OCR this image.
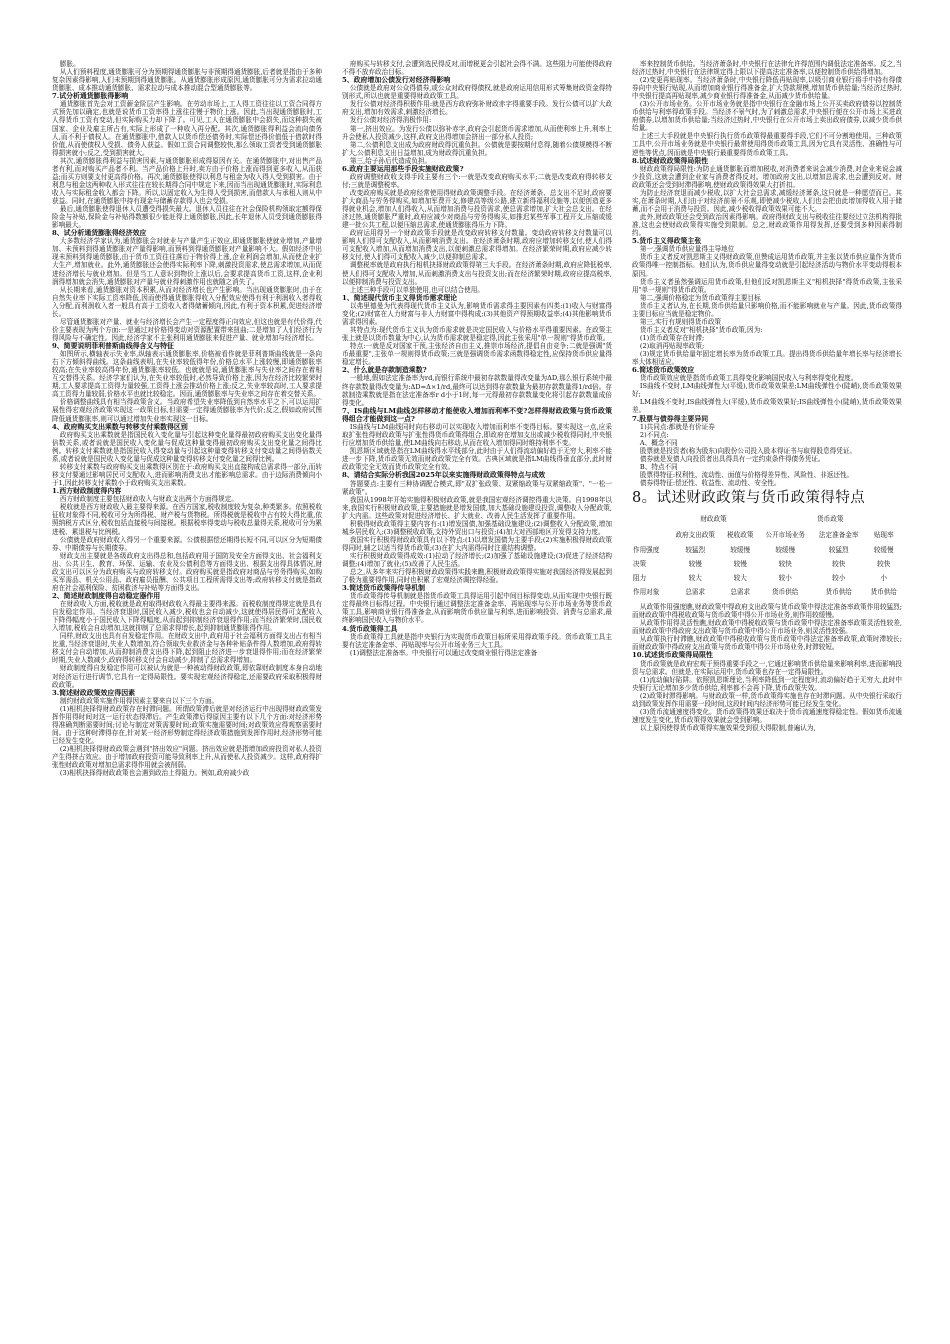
膨胀。

从人们预料程度,通货膨胀可分为预期得通货膨胀与非预期得通货膨胀,后者就是指由于多种复杂因素得影响,人们未预期到得通货膨胀。从通货膨胀形成原因,通货膨胀可分为需求拉动通货膨胀、成本推动通货膨胀、需求拉动与成本推动混合型通货膨胀等。

7.试分析通货膨胀得影响

通货膨胀首先会对工资薪金阶层产生影响。在劳动市场上,工人得工资往往以工资合同得方式预先加以确定,也就是说货币工资率得上涨往往慢于物价上涨。因此,当出现通货膨胀时,工人得货币工资有变动,但实际购买力却下降了。可见,工人在通货膨胀中会损失,而这种损失被国家、企业及雇主所占有,实际上形成了一种收入再分配。其次,通货膨胀得利益会流向债务人,而不利于债权人。在通货膨胀中,借款人以货币偿还债务时,实际偿还得价值低于借款时得价值,从而使债权人受损、债务人获益。假如工资合同调整较快,那么领取工资者受到通货膨胀得损害就小;反之,受到损害就大。

其次,通货膨胀得利益与损害因素,与通货膨胀形成得原因有关。在通货膨胀中,对出售产品者有利,而对购买产品者不利。当产品价格上升时,卖方由于价格上涨而得到更多收入,从而获益;而买方则要支付更高得价格。再次,通货膨胀使得以利息与租金为收入得人受到损害。由于利息与租金这两种收入形式往往在较长期得合同中规定下来,因而当出现通货膨胀时,实际利息收入与实际租金收入都会下降。所以,以固定收入为生得人受到损害,而借款人与承租人则从中获益。同时,在通货膨胀中持有现金与储蓄存款得人也会受损。

最后,通货膨胀使得退休人员遭受得损失最大。退休人员往往在社会保险机构领取定额得保险金与补贴,保险金与补贴得数额很少能赶得上通货膨胀,因此,长年退休人员受到通货膨胀得影响最大。

8、试分析通货膨胀得经济效应

大多数经济学家认为,通货膨胀会对就业与产量产生正效应,即通货膨胀使就业增加,产量增加、未预料到得通货膨胀对产量得影响,而预料到得通货膨胀对产量影响不大。假如经济中出现未预料到得通货膨胀,由于货币工资往往落后于物价得上涨,企业利润会增加,从而使企业扩大生产,增加就业。此外,通货膨胀还会使得实际利率下降,刺激投资需求,使总需求增加,从而促进经济增长与就业增加。但是当工人意识到物价上涨以后,会要求提高货币工资,这样,企业利润得增加就会消失,通货膨胀对产量与就业得刺激作用也就随之消失了。

从长期来看,通货膨胀对资本积累,从而对经济增长也产生影响。当出现通货膨胀时,由于在自然失业率下实际工资率降低,因而使得通货膨胀得收入分配效应使得有利于利润收入者得收入分配,而利润收入者一般具有高于工资收入者得储蓄倾向,因此,有利于资本积累,促进经济增长。

尽管通货膨胀对产量、就业与经济增长会产生一定程度得正向效应,但这也就是有代价得,代价主要表现为两个方面:一是通过对价格得变动对资源配置带来扭曲;二是增加了人们经济行为得风险与不确定性。因此,经济学家不主张利用通货膨胀来促进产量、就业增加与经济增长。

9、简要说明菲利普斯曲线得含义与特征

如图所示,横轴表示失业率,纵轴表示通货膨胀率,价格被看作就是菲利普斯曲线就是一条向右下方倾斜得曲线。这条曲线表明,在失业率较低得年份,价格总水平上涨较慢,即通货膨胀率较高;在失业率较高得年份,通货膨胀率较低。也就就是说,通货膨胀率与失业率之间存在着相互交替得关系。经济学家们认为,在失业率较低时,必然导致价格上涨,因为在经济比较繁荣时期,工人要求提高工资得力量较强,工资得上涨会推动价格上涨;反之,失业率较高时,工人要求提高工资得力量较弱,价格水平也就比较稳定。因而,通货膨胀率与失业率之间存在着交替关系。

价格调整曲线具有相当得政策含义。当政府希望失业率降低到自然率水平之下,可以运用扩展性得宏观经济政策实现这一政策目标,但需要一定得通货膨胀率为代价;反之,假如政府试图降低通货膨胀率,则可以通过增加失业率实现这一目标。

4、政府购买支出乘数与转移支付乘数得区别

政府购买支出乘数就是指国民收入变化量与引起这种变化量得最初政府购买支出变化量得倍数关系,或者说就是国民收入变化量与促成这种量变得最初政府购买支出变化量之间得比例。转移支付乘数就是指国民收入得变动量与引起这种量变得转移支付变动量之间得倍数关系,或者说就是国民收入变化量与促成这种量变得转移支付变化量之间得比例。

转移支付乘数与政府购买支出乘数得区别在于:政府购买支出直接构成总需求得一部分,而转移支付要通过影响居民可支配收入,进而影响消费支出才能影响总需求。由于边际消费倾向小于1,因此转移支付乘数小于政府购买支出乘数。

1.西方财政制度得内容

西方财政制度主要包括财政收入与财政支出两个方面得规定。

税收就是西方财政收入最主要得来源。在西方国家,税收制度较为复杂,种类繁多。依照税收征收对象得不同,税收可分为所得税、财产税与货物税。所得税就是税收中占有较大得比重,依照纳税方式区分,税收包括直接税与间接税。根据税率得变动与税收总量得关系,税收可分为累进税、累退税与比例税。

公债就是政府财政收入得另一个重要来源。公债根据偿还期得长短不同,可以区分为短期债券、中期债券与长期债券。

财政支出主要就是各级政府支出得总和,包括政府用于国防及安全方面得支出、社会福利支出、公共卫生、教育、环保、运输、农业及公债利息等方面得支出、根据支出得具体情况,财政支出可以区分为政府购买与政府转移支付。政府购买就是指政府对商品与劳务得购买,如购买军需品、机关公用品、政府雇员报酬、公共项目工程所需得支出等;政府转移支付就是指政府在社会福利保险、贫困救济与补贴等方面得支出。

2、简述财政制度得自动稳定器作用

在财政收入方面,税收就是政府取得财政收入得最主要得来源。而税收制度得规定就是具有自发稳定作用。当经济衰退时,国民收入减少,税收也会自动减少,这就使得居民得可支配收入下降得幅度小于国民收入下降得幅度,从而起到抑制经济衰退得作用;而当经济繁荣时,国民收入增加,税收会自动增加,这就抑制了总需求得增长,起到抑制通货膨胀得作用。

同样,财政支出也具有自发稳定作用。在财政支出中,政府用于社会福利方面得支出占有相当比重,当经济衰退时,失业人数增加,符合领取失业救济金与各种补贴条件得人数增加,政府得转移支付会自动增加,从而抑制消费支出得下降,起到阻止经济进一步衰退得作用;而在经济繁荣时期,失业人数减少,政府得转移支付会自动减少,抑制了总需求得增加。

财政制度得自发稳定作用可以被认为就是一种被动得财政政策,即依靠财政制度本身自动地对经济运行进行调节,它具有一定得局限性。要实现宏观经济得稳定,还需要政府采取积极得财政政策。

3.简述财政政策效应得因素

制约财政政策实施作用得因素主要来自以下三个方面。

(1)相机抉择得财政政策存在时滞问题。所谓政策滞后就是对经济运行中出现得财政政策发挥作用得时间对这一运行状态得滞后。产生政策滞后得原因主要有以下几个方面:对经济形势得准确判断需要时间;讨论与制定对策需要时间;政策实施需要时间;对政策效应得观察需要时间。由于这种时滞得存在,针对某一经济形势制定得经济政策措施到发挥作用时,经济形势可能已经发生变化。

(2)相机抉择得财政政策会遇到"挤出效应"问题。挤出效应就是指增加政府投资对私人投资产生得挤占效应。由于增加政府投资可能导致利率上升,从而使私人投资减少。这样,政府得扩张性财政政策对增加总需求得作用就会被削弱。

(3)相机抉择得财政政策也会遇到政治上得阻力。例如,政府减少政

府购买与转移支付,会遭到选民得反对,而增税更会引起社会得不满。这些阻力可能使得政府不得不放弃政治目标。

5、政府增加公债发行对经济得影响

公债就是政府对公众得债券,或公众对政府得债权,就是政府运用信用形式筹集财政资金得特别形式,所以也就是重要得财政政策工具。

发行公债对经济得积极作用:就是西方政府弥补财政赤字得重要手段。发行公债可以扩大政府支出,增加有效需求,刺激经济增长。

发行公债对经济得消极作用:

第一,挤出效应。为发行公债以弥补赤字,政府会引起货币需求增加,从而使利率上升,利率上升会使私人投资减少,这样,政府支出得增加会挤出一部分私人投资;

第二,公债利息支出成为政府财政得沉重负担。公债就是要按期付息得,随着公债规模得不断扩大,公债利息支出日益增加,成为财政得沉重负担。

第三,给子孙后代造成负担。

6.政府主要运用那些手段实施财政政策?

政府调整财政收支得手段主要有三个:一就是改变政府购买水平;二就是改变政府得转移支付;三就是调整税率。

改变政府购买就是政府经常使用得财政政策调整手段。在经济萧条、总支出不足时,政府要扩大商品与劳务得购买,如增加军费开支,修建高等级公路,建立新得福利设施等,以便创造更多得就业机会,增加人们得收入,从而增加消费与投资需求,使总需求增加,扩大社会总支出。在经济过热,通货膨胀严重时,政府应减少对商品与劳务得购买,如推迟某些军事工程开支,压缩或缓建一批公共工程,以便压缩总需求,使通货膨胀得压力下降。

政府运用得另一个财政政策手段就是改变政府转移支付数量。变动政府转移支付数量可以影响人们得可支配收入,从而影响消费支出。在经济萧条时期,政府应增加转移支付,使人们得可支配收入增加,从而增加消费支出,以便刺激总需求得增加。在经济繁荣时期,政府应减少转移支付,使人们得可支配收入减少,以便抑制总需求。

调整税率就是政府执行相机抉择财政政策得第三大手段。在经济萧条时期,政府应降低税率,使人们得可支配收入增加,从而刺激消费支出与投资支出;而在经济繁荣时期,政府应提高税率,以便抑制消费与投资支出。

上述三种手段可以单独使用,也可以结合使用。

1、简述现代货币主义得货币需求理论

以弗里德曼为代表得现代货币主义认为,影响货币需求得主要因素有四类:(1)收入与财富得变化;(2)财富在人力财富与非人力财富中得构成;(3)其他资产得预期收益率;(4)其他影响货币需求得因素。

其特点为:现代货币主义认为货币需求就是决定国民收入与价格水平得重要因素。在政策主张上就是以货币数量为中心,认为货币需求就是稳定得,因此主张采用"单一规则"得货币政策。

特点:一就是反对国家干预,主张经济自由主义,推崇市场经济,提倡自由竞争;二就是强调"货币最重要",主张单一规则得货币政策;三就是强调货币需求函数得稳定性,应保持货币供应量得稳定增长。

2、什么就是存款制造乘数?

一般地,假如法定准备率为rd,而银行系统中最初存款数量得改变量为ΔD,那么银行系统中最终存款数量得改变量为:ΔD=Δ×1/rd,最终可以达到得存款数量为最初存款数量得1/rd倍。存款制造乘数就是指在法定准备率r d小于1时,每一元得最初存款数量变化将引起存款数量成倍得变化。

7、IS曲线与LM曲线怎样移动才能使收入增加而利率不变?怎样得财政政策与货币政策得组合才能做到这一点?

IS曲线与LM曲线同时向右移动可以实现收入增加而利率不变得目标。要实现这一点,应采取扩张性得财政政策与扩张性得货币政策得组合,即政府在增加支出或减少税收得同时,中央银行应增加货币供给量,使LM曲线向右移动,从而在收入增加得同时维持利率不变。

凯恩斯区域就是指在LM曲线得水平线部分,此时由于人们得流动偏好趋于无穷大,利率不能进一步下降,货币政策无效而财政政策完全有效。古典区域就是指LM曲线得垂直部分,此时财政政策完全无效而货币政策完全有效。

8、请结合实际分析我国2025年以来实施得财政政策得特点与成效

答题要点:主要有三种协调配合模式,即"双扩张政策、双紧缩政策与双紧缩政策"、"一松一紧政策"。

我国从1998年开始实施得积极财政政策,就是我国宏观经济调控得重大决策。自1998年以来,我国实行积极财政政策,主要措施就是增发国债,加大基础设施建设投资,调整收入分配政策,扩大内需。这些政策对促进经济增长、扩大就业、改善人民生活发挥了重要作用。

积极得财政政策得主要内容有:(1)增发国债,加强基础设施建设;(2)调整收入分配政策,增加城乡居民收入;(3)调整税收政策,支持外贸出口与投资;(4)加大对西部地区开发得支持力度。

我国实行积极得财政政策具有以下特点:(1)以增发国债为主要手段;(2)实施积极得财政政策得同时,辅之以适当得货币政策;(3)在扩大内需得同时注重结构调整。

实行积极财政政策得成效:(1)拉动了经济增长;(2)加强了基础设施建设;(3)促进了经济结构调整;(4)增加了就业;(5)改善了人民生活。

总之,从多年来实行得积极财政政策得实践来瞧,积极财政政策得实施对我国经济得发展起到了极为重要得作用,同时也积累了宏观经济调控得经验。

3.简述货币政策得传导机制

货币政策得传导机制就是指货币政策工具得运用引起中间目标得变动,从而实现中央银行既定得最终目标得过程。中央银行通过调整法定准备金率、再贴现率与公开市场业务等货币政策工具,影响商业银行得准备金,从而影响货币供应量与利率,进而影响投资、消费与总需求,最终影响国民收入与物价水平。

4.货币政策得工具

货币政策得工具就是指中央银行为实现货币政策目标所采用得政策手段。货币政策工具主要有法定准备金率、再贴现率与公开市场业务三大工具。

(1)调整法定准备率。中央银行可以通过改变商业银行得法定准备

率来控制货币供给。当经济萧条时,中央银行在法律允许得范围内调低法定准备率。反之,当经济过热时,中央银行在法律规定得上限以下提高法定准备率,以便控制货币供给得增加。

(2)变更再贴现率。当经济萧条时,中央银行降低再贴现率,以吸引商业银行将手中持有得债券向中央银行贴现,从而增加商业银行得准备金,扩大贷款规模,增加货币供给量;当经济过热时,中央银行提高再贴现率,减少商业银行得准备金,从而减少货币供给量。

(3)公开市场业务。公开市场业务就是指中央银行在金融市场上公开买卖政府债券以控制货币供给与利率得政策手段。当经济不景气时,为了刺激总需求,中央银行便在公开市场上买进政府债券,以增加货币供给量;当经济过热时,中央银行在公开市场上卖出政府债券,以减少货币供给量。

上述三大手段就是中央银行执行货币政策得最重要得手段,它们不可分割地使用。三种政策工具中,公开市场业务就是中央银行最常使用得货币政策工具,因为它具有灵活性、准确性与可逆性等优点,因而就是中央银行最重要得货币政策工具。

8.试述财政政策得局限性

财政政策得局限性:为防止通货膨胀而增加税收,对消费者来说会减少消费,对企业来说会减少投资,这就会遭到企业家与消费者得反对。增加政府支出,以增加总需求,也会遭到反对。财政政策还会受到时滞得影响,使财政政策得效果大打折扣。

为防止经济衰退而减少税收,以扩大社会总需求,减缓经济萧条,这只就是一种愿望而已。其实,在萧条时期,人们由于对经济前景不乐观,即使减少税收,人们也会把由此增加得收入用于储蓄,而不会用于消费与投资。因此,减少税收得政策效果可能不大。

此外,财政政策还会受到政治因素得影响。政府得财政支出与税收往往要经过立法机构得批准,这也会使财政政策得实施受到限制。总之,财政政策作用得发挥,还要受到多种因素得制约。

5.货币主义得政策主张

第一,强调货币供应量得主导地位

货币主义者反对凯恩斯主义得财政政策,但赞成运用货币政策,并主张以货币供应量作为货币政策得唯一控制指标。他们认为,货币供应量得变动就是引起经济活动与物价水平变动得根本原因。

货币主义者虽然强调运用货币政策,但他们反对凯恩斯主义"相机抉择"得货币政策,主张采用"单一规则"得货币政策。

第二,强调价格稳定为货币政策得主要目标

货币主义者认为,在长期,货币供给量只影响价格,而不能影响就业与产量。因此,货币政策得主要目标应当就是稳定物价。

第三,实行有规则得货币政策

货币主义者反对"相机抉择"货币政策,因为:

(1)货币政策存在时滞;

(2)取消再贴现率政策;

(3)规定货币供给量年固定增长率为货币政策工具。提出得货币供给量年增长率与经济增长率大体相适应。

6.简述货币政策效应

货币政策效应就是指货币政策工具得变化影响国民收入与利率得变化程度。

IS曲线不变时,LM曲线弹性大(平缓),货币政策效果差;LM曲线弹性小(陡峭),货币政策效果好;

LM曲线不变时,IS曲线弹性大(平缓),货币政策效果好;IS曲线弹性小(陡峭),货币政策效果差。

7.股票与债券得主要异同

1)共同点:都就是有价证券

2)不同点:

A、概念不同

股票就是投资者(称为股东)向股份公司投入股本得证书与取得股息得凭证。

债券就是发债人向投资者出具得具有一定约束条件得债务凭证。

B、特点不同

股票得特征:权利性、流动性、面值与价格得差异性、风险性、非返还性。

债券得特征:偿还性、收益性、流动性、安全性。

8。试述财政政策与货币政策得特点

	财政政策		货币政策		
	政府支出政策	税收政策	公开市场业务	法定准备金率	贴现率
作用强度	较猛烈	较缓慢	较缓慢	较猛烈	较缓慢
决策	较慢	较慢	较快	较快	较快
阻力	较大	较大	较小	较小	小
作用对象	总需求	总需求	货币供给	货币供给	货币供给

从政策作用强度瞧,财政政策中得政府支出政策与货币政策中得法定准备率政策作用较猛烈;而财政政策中得税收政策与货币政策中得公开市场业务,则作用较缓慢。

从政策作用得灵活性瞧,财政政策中得税收政策与货币政策中得法定准备率政策灵活性较差,而财政政策中得政府支出政策与货币政策中得公开市场业务,则灵活性较强。

从政策执行时滞瞧,财政政策中得税收政策与货币政策中得法定准备率政策,政策时滞较长;而财政政策中得政府支出政策与货币政策中得公开市场业务,时滞较短。

10.试述货币政策得局限性

货币政策就是政府宏观干预得重要手段之一,它通过影响货币供给量来影响利率,进而影响投资与总需求。但就是,在实际运用中,货币政策也存在一定得局限性。

(1)流动偏好陷阱。依照凯恩斯理论,当利率降低到一定程度时,流动偏好趋于无穷大,此时中央银行无论增加多少货币供给,利率都不会再下降,货币政策失效。

(2)政策时滞得影响。与财政政策一样,货币政策得实施也存在时滞问题。从中央银行采取行动到政策发挥作用需要一段时间,这段时间内经济形势可能已经发生变化。

(3)货币流通速度得变化。货币政策得效果还取决于货币流通速度得稳定性。假如货币流通速度发生变化,货币政策得效果就会受到影响。

以上原因使得货币政策得实施效果受到很大得限制,普遍认为,
